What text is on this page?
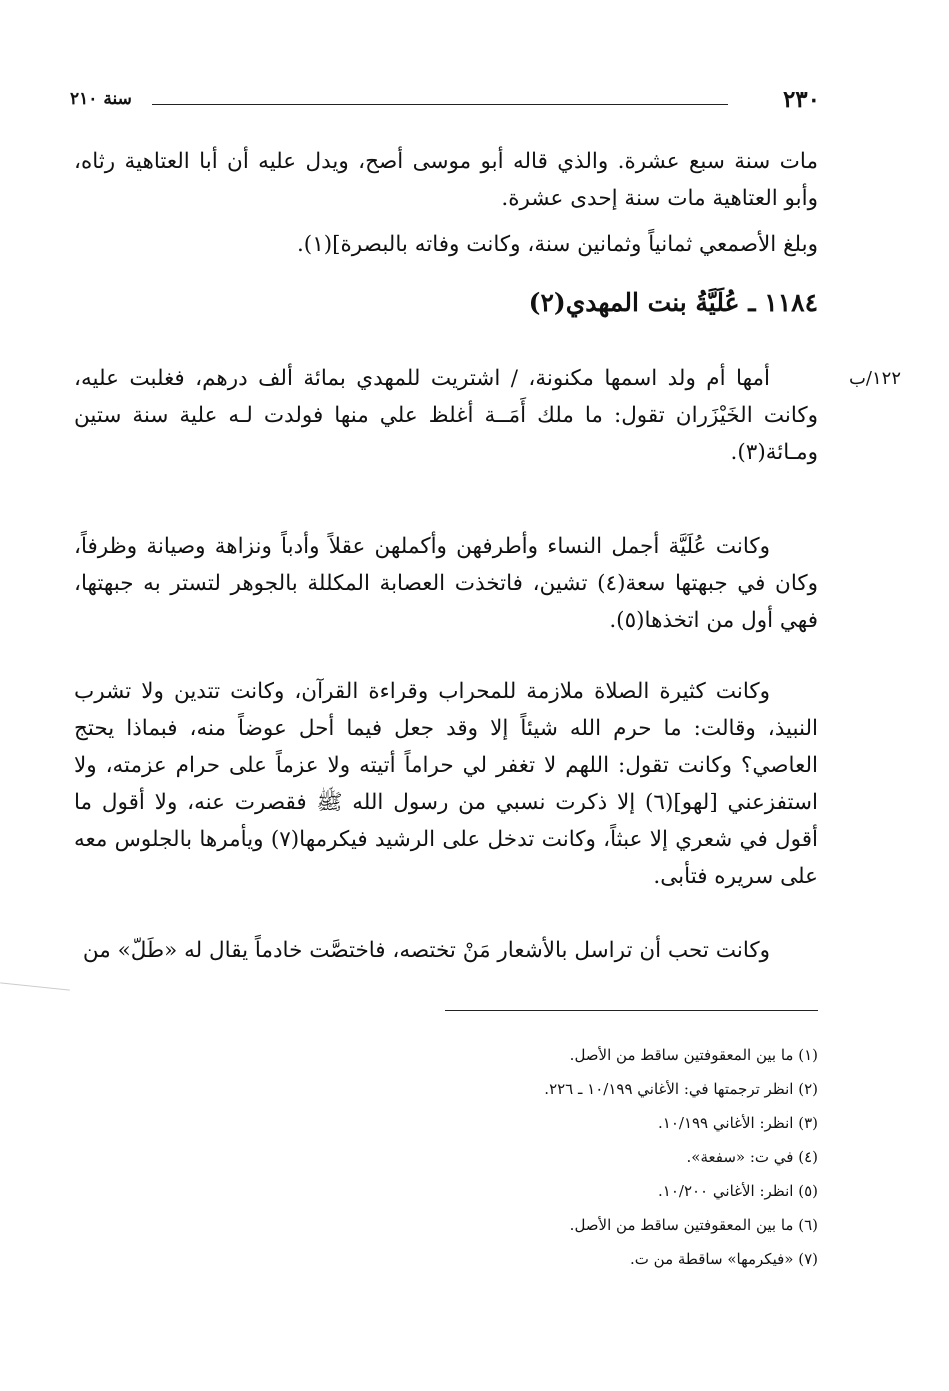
٢٣٠
سنة ٢١٠

مات سنة سبع عشرة. والذي قاله أبو موسى أصح، ويدل عليه أن أبا العتاهية رثاه، وأبو العتاهية مات سنة إحدى عشرة.

وبلغ الأصمعي ثمانياً وثمانين سنة، وكانت وفاته بالبصرة](١).

١١٨٤ ـ عُلَيَّةُ بنت المهدي(٢)
١٢٢/ب

أمها أم ولد اسمها مكنونة، / اشتريت للمهدي بمائة ألف درهم، فغلبت عليه، وكانت الخَيْزَران تقول: ما ملك أَمَــة أغلظ علي منها فولدت لـه علية سنة ستين ومـائة(٣).

وكانت عُلَيَّة أجمل النساء وأطرفهن وأكملهن عقلاً وأدباً ونزاهة وصيانة وظرفاً، وكان في جبهتها سعة(٤) تشين، فاتخذت العصابة المكللة بالجوهر لتستر به جبهتها، فهي أول من اتخذها(٥).

وكانت كثيرة الصلاة ملازمة للمحراب وقراءة القرآن، وكانت تتدين ولا تشرب النبيذ، وقالت: ما حرم الله شيئاً إلا وقد جعل فيما أحل عوضاً منه، فبماذا يحتج العاصي؟ وكانت تقول: اللهم لا تغفر لي حراماً أتيته ولا عزماً على حرام عزمته، ولا استفزعني [لهو](٦) إلا ذكرت نسبي من رسول الله ﷺ فقصرت عنه، ولا أقول ما أقول في شعري إلا عبثاً، وكانت تدخل على الرشيد فيكرمها(٧) ويأمرها بالجلوس معه على سريره فتأبى.

وكانت تحب أن تراسل بالأشعار مَنْ تختصه، فاختصَّت خادماً يقال له «طَلّ» من

(١) ما بين المعقوفتين ساقط من الأصل.
(٢) انظر ترجمتها في: الأغاني ١٠/١٩٩ ـ ٢٢٦.
(٣) انظر: الأغاني ١٠/١٩٩.
(٤) في ت: «سفعة».
(٥) انظر: الأغاني ١٠/٢٠٠.
(٦) ما بين المعقوفتين ساقط من الأصل.
(٧) «فيكرمها» ساقطة من ت.
